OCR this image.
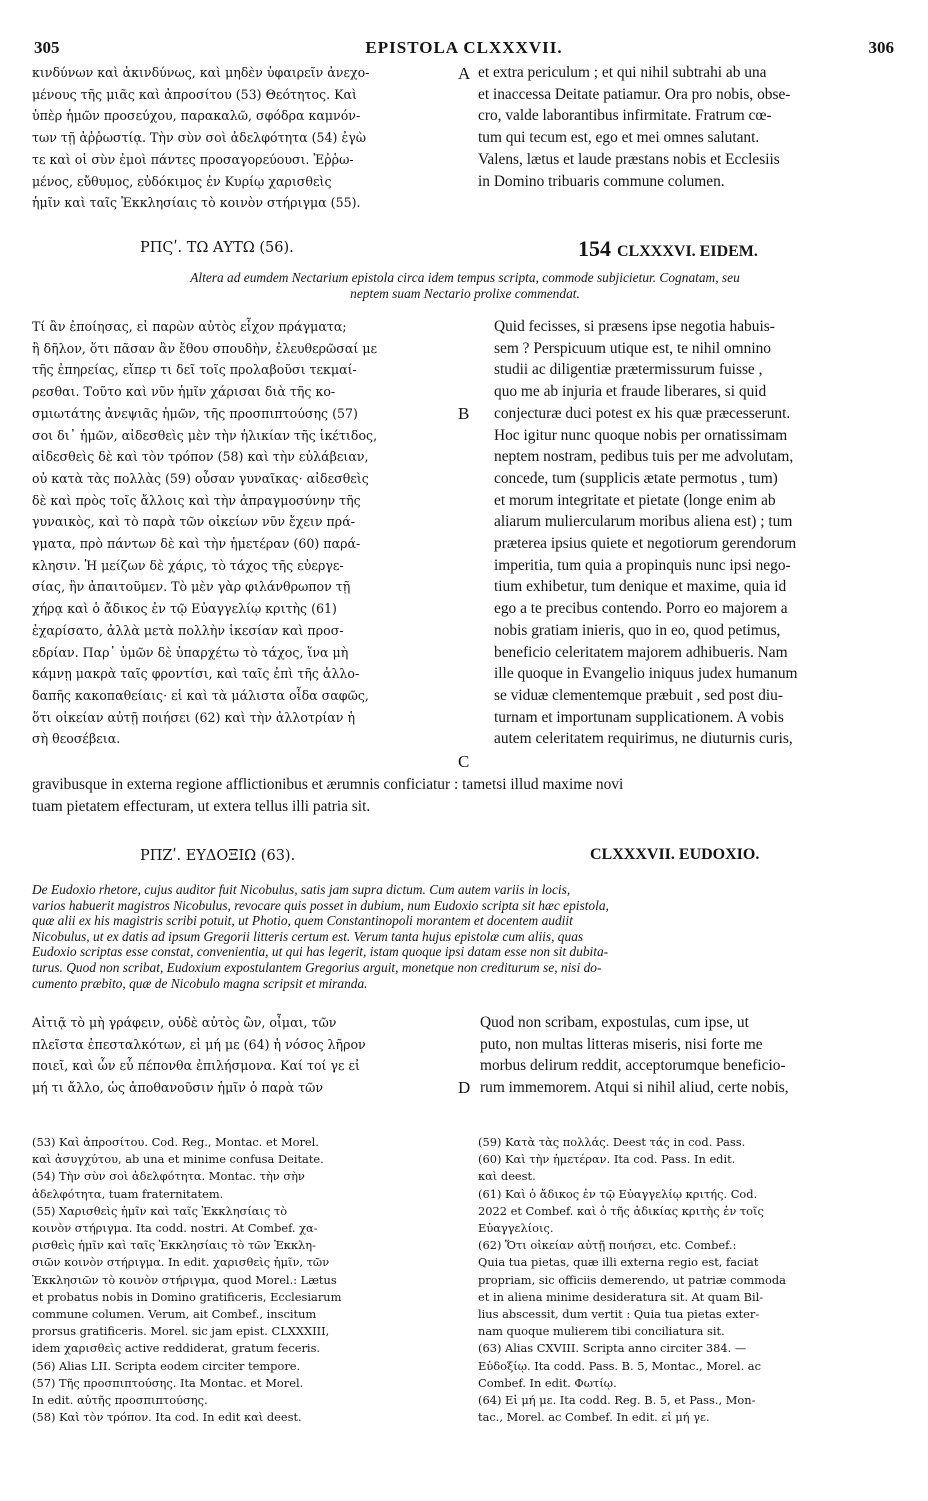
305	EPISTOLA CLXXXVII.	306
κινδύνων καὶ ἀκινδύνως, καὶ μηδὲν ὑφαιρεῖν ἀνεχο-
μένους τῆς μιᾶς καὶ ἀπροσίτου (53) Θεότητος. Καὶ
ὑπὲρ ἡμῶν προσεύχου, παρακαλῶ, σφόδρα καμνόν-
των τῇ ἀῤῥωστίᾳ. Τὴν σὺν σοὶ ἀδελφότητα (54) ἐγὼ
τε καὶ οἱ σὺν ἐμοὶ πάντες προσαγορεύουσι. Ἐῤῥω-
μένος, εὔθυμος, εὐδόκιμος ἐν Κυρίῳ χαρισθεὶς
ἡμῖν καὶ ταῖς Ἐκκλησίαις τὸ κοινὸν στήριγμα (55).
et extra periculum ; et qui nihil subtrahi ab una
et inaccessa Deitate patiamur. Ora pro nobis, obse-
cro, valde laborantibus infirmitate. Fratrum cœ-
tum qui tecum est, ego et mei omnes salutant.
Valens, lætus et laude præstans nobis et Ecclesiis
in Domino tribuaris commune columen.
A
ΡΠϚʹ. ΤΩ ΑΥΤΩ (56).	154 CLXXXVI. EIDEM.
Altera ad eumdem Nectarium epistola circa idem tempus scripta, commode subjicietur. Cognatam, seu
neptem suam Nectario prolixe commendat.
Τί ἂν ἐποίησας, εἰ παρὼν αὐτὸς εἶχον πράγματα;
ἢ δῆλον, ὅτι πᾶσαν ἂν ἔθου σπουδὴν, ἐλευθερῶσαί με
τῆς ἐπηρείας, εἴπερ τι δεῖ τοῖς προλαβοῦσι τεκμαί-
ρεσθαι. Τοῦτο καὶ νῦν ἡμῖν χάρισαι διὰ τῆς κο-
σμιωτάτης ἀνεψιᾶς ἡμῶν, τῆς προσπιπτούσης (57)
σοι δι᾽ ἡμῶν, αἰδεσθεὶς μὲν τὴν ἡλικίαν τῆς ἱκέτιδος,
αἰδεσθεὶς δὲ καὶ τὸν τρόπον (58) καὶ τὴν εὐλάβειαν,
οὐ κατὰ τὰς πολλὰς (59) οὖσαν γυναῖκας· αἰδεσθεὶς
δὲ καὶ πρὸς τοῖς ἄλλοις καὶ τὴν ἀπραγμοσύνην τῆς
γυναικὸς, καὶ τὸ παρὰ τῶν οἰκείων νῦν ἔχειν πρά-
γματα, πρὸ πάντων δὲ καὶ τὴν ἡμετέραν (60) παρά-
κλησιν. Ἡ μείζων δὲ χάρις, τὸ τάχος τῆς εὐεργε-
σίας, ἣν ἀπαιτοῦμεν. Τὸ μὲν γὰρ φιλάνθρωπον τῇ
χήρᾳ καὶ ὁ ἄδικος ἐν τῷ Εὐαγγελίῳ κριτὴς (61)
ἐχαρίσατο, ἀλλὰ μετὰ πολλὴν ἱκεσίαν καὶ προσ-
εδρίαν. Παρ᾽ ὑμῶν δὲ ὑπαρχέτω τὸ τάχος, ἵνα μὴ
κάμνῃ μακρὰ ταῖς φροντίσι, καὶ ταῖς ἐπὶ τῆς ἀλλο-
δαπῆς κακοπαθείαις· εἰ καὶ τὰ μάλιστα οἶδα σαφῶς,
ὅτι οἰκείαν αὐτῇ ποιήσει (62) καὶ τὴν ἀλλοτρίαν ἡ
σὴ θεοσέβεια.
Quid fecisses, si præsens ipse negotia habuis-
sem ? Perspicuum utique est, te nihil omnino
studii ac diligentiæ prætermissurum fuisse ,
quo me ab injuria et fraude liberares, si quid
conjecturæ duci potest ex his quæ præcesserunt.
Hoc igitur nunc quoque nobis per ornatissimam
neptem nostram, pedibus tuis per me advolutam,
concede, tum (supplicis ætate permotus , tum)
et morum integritate et pietate (longe enim ab
aliarum muliercularum moribus aliena est) ; tum
præterea ipsius quiete et negotiorum gerendorum
imperitia, tum quia a propinquis nunc ipsi nego-
tium exhibetur, tum denique et maxime, quia id
ego a te precibus contendo. Porro eo majorem a
nobis gratiam inieris, quo in eo, quod petimus,
beneficio celeritatem majorem adhibueris. Nam
ille quoque in Evangelio iniquus judex humanum
se viduæ clementemque præbuit , sed post diu-
turnam et importunam supplicationem. A vobis
autem celeritatem requirimus, ne diuturnis curis,
B
C
gravibusque in externa regione afflictionibus et ærumnis conficiatur : tametsi illud maxime novi
tuam pietatem effecturam, ut extera tellus illi patria sit.
ΡΠΖʹ. ΕΥΔΟΞΙΩ (63).	CLXXXVII. EUDOXIO.
De Eudoxio rhetore, cujus auditor fuit Nicobulus, satis jam supra dictum. Cum autem variis in locis,
varios habuerit magistros Nicobulus, revocare quis posset in dubium, num Eudoxio scripta sit hæc epistola,
quæ alii ex his magistris scribi potuit, ut Photio, quem Constantinopoli morantem et docentem audiit
Nicobulus, ut ex datis ad ipsum Gregorii litteris certum est. Verum tanta hujus epistolæ cum aliis, quas
Eudoxio scriptas esse constat, convenientia, ut qui has legerit, istam quoque ipsi datam esse non sit dubita-
turus. Quod non scribat, Eudoxium expostulantem Gregorius arguit, monetque non crediturum se, nisi do-
cumento præbito, quæ de Nicobulo magna scripsit et miranda.
Αἰτιᾷ τὸ μὴ γράφειν, οὐδὲ αὐτὸς ὢν, οἶμαι, τῶν
πλεῖστα ἐπεσταλκότων, εἰ μή με (64) ἡ νόσος λῆρον
ποιεῖ, καὶ ὧν εὖ πέπονθα ἐπιλήσμονα. Καί τοί γε εἰ
μή τι ἄλλο, ὡς ἀποθανοῦσιν ἡμῖν ὁ παρὰ τῶν
Quod non scribam, expostulas, cum ipse, ut
puto, non multas litteras miseris, nisi forte me
morbus delirum reddit, acceptorumque beneficio-
rum immemorem. Atqui si nihil aliud, certe nobis,
D
(53) Καὶ ἀπροσίτου. Cod. Reg., Montac. et Morel.
καὶ ἀσυγχύτου, ab una et minime confusa Deitate.
(54) Τὴν σὺν σοὶ ἀδελφότητα. Montac. τὴν σὴν
ἀδελφότητα, tuam fraternitatem.
(55) Χαρισθεὶς ἡμῖν καὶ ταῖς Ἐκκλησίαις τὸ
κοινὸν στήριγμα. Ita codd. nostri. At Combef. χα-
ρισθεὶς ἡμῖν καὶ ταῖς Ἐκκλησίαις τὸ τῶν Ἐκκλη-
σιῶν κοινὸν στήριγμα. In edit. χαρισθεὶς ἡμῖν, τῶν
Ἐκκλησιῶν τὸ κοινὸν στήριγμα, quod Morel.: Lætus
et probatus nobis in Domino gratificeris, Ecclesiarum
commune columen. Verum, ait Combef., inscitum
prorsus gratificeris. Morel. sic jam epist. CLXXXIII,
idem χαρισθεὶς active reddiderat, gratum feceris.
(56) Alias LII. Scripta eodem circiter tempore.
(57) Τῆς προσπιπτούσης. Ita Montac. et Morel.
In edit. αὐτῆς προσπιπτούσης.
(58) Καὶ τὸν τρόπον. Ita cod. In edit καὶ deest.
(59) Κατὰ τὰς πολλάς. Deest τάς in cod. Pass.
(60) Καὶ τὴν ἡμετέραν. Ita cod. Pass. In edit.
καὶ deest.
(61) Καὶ ὁ ἄδικος ἐν τῷ Εὐαγγελίῳ κριτής. Cod.
2022 et Combef. καὶ ὁ τῆς ἀδικίας κριτὴς ἐν τοῖς
Εὐαγγελίοις.
(62) Ὅτι οἰκείαν αὐτῇ ποιήσει, etc. Combef.:
Quia tua pietas, quæ illi externa regio est, faciat
propriam, sic officiis demerendo, ut patriæ commoda
et in aliena minime desideratura sit. At quam Bil-
lius abscessit, dum vertit : Quia tua pietas exter-
nam quoque mulierem tibi conciliatura sit.
(63) Alias CXVIII. Scripta anno circiter 384. —
Εὐδοξίῳ. Ita codd. Pass. B. 5, Montac., Morel. ac
Combef. In edit. Φωτίῳ.
(64) Εἰ μή με. Ita codd. Reg. B. 5, et Pass., Mon-
tac., Morel. ac Combef. In edit. εἰ μή γε.
